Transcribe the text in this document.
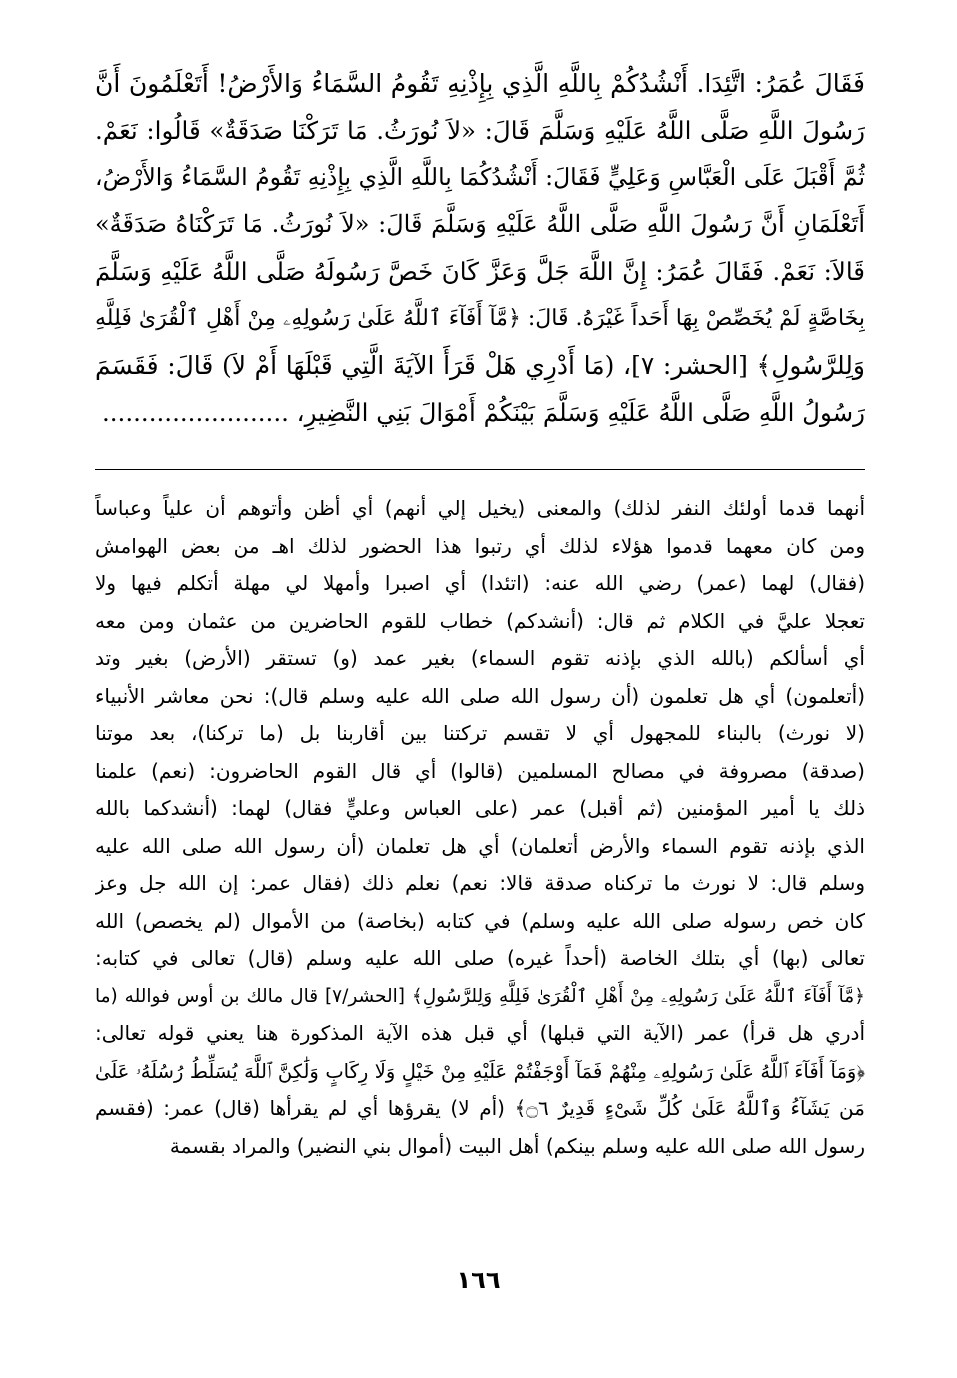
فَقَالَ عُمَرُ: اتَّئِدَا. أَنْشُدُكُمْ بِاللَّهِ الَّذِي بِإِذْنِهِ تَقُومُ السَّمَاءُ وَالأَرْضُ! أَتَعْلَمُونَ أَنَّ
رَسُولَ اللَّهِ صَلَّى اللَّهُ عَلَيْهِ وَسَلَّمَ قَالَ: «لاَ نُورَثُ. مَا تَرَكْنَا صَدَقَةٌ» قَالُوا: نَعَمْ.
ثُمَّ أَقْبَلَ عَلَى الْعَبَّاسِ وَعَلِيٍّ فَقَالَ: أَنْشُدُكُمَا بِاللَّهِ الَّذِي بِإِذْنِهِ تَقُومُ السَّمَاءُ وَالأَرْضُ،
أَتَعْلَمَانِ أَنَّ رَسُولَ اللَّهِ صَلَّى اللَّهُ عَلَيْهِ وَسَلَّمَ قَالَ: «لاَ نُورَثُ. مَا تَرَكْنَاهُ صَدَقَةٌ»
قَالاَ: نَعَمْ. فَقَالَ عُمَرُ: إِنَّ اللَّهَ جَلَّ وَعَزَّ كَانَ خَصَّ رَسُولَهُ صَلَّى اللَّهُ عَلَيْهِ وَسَلَّمَ
بِخَاصَّةٍ لَمْ يُخَصِّصْ بِهَا أَحَداً غَيْرَهُ. قَالَ: ﴿مَّآ أَفَآءَ ٱللَّهُ عَلَىٰ رَسُولِهِۦ مِنْ أَهْلِ ٱلْقُرَىٰ فَلِلَّهِ
وَلِلرَّسُولِ﴾ [الحشر: ٧]، (مَا أَدْرِي هَلْ قَرَأَ الآيَةَ الَّتِي قَبْلَهَا أَمْ لاَ) قَالَ: فَقَسَمَ
رَسُولُ اللَّهِ صَلَّى اللَّهُ عَلَيْهِ وَسَلَّمَ بَيْنَكُمْ أَمْوَالَ بَنِي النَّضِيرِ، ........................
أنهما قدما أولئك النفر لذلك) والمعنى (يخيل إلي أنهم) أي أظن وأتوهم أن علياً وعباساً
ومن كان معهما قدموا هؤلاء لذلك أي رتبوا هذا الحضور لذلك اهـ من بعض الهوامش
(فقال) لهما (عمر) رضي الله عنه: (اتئدا) أي اصبرا وأمهلا لي مهلة أتكلم فيها ولا
تعجلا عليَّ في الكلام ثم قال: (أنشدكم) خطاب للقوم الحاضرين من عثمان ومن معه
أي أسألكم (بالله الذي بإذنه تقوم السماء) بغير عمد (و) تستقر (الأرض) بغير وتد
(أتعلمون) أي هل تعلمون (أن رسول الله صلى الله عليه وسلم قال): نحن معاشر الأنبياء
(لا نورث) بالبناء للمجهول أي لا تقسم تركتنا بين أقاربنا بل (ما تركنا)، بعد موتنا
(صدقة) مصروفة في مصالح المسلمين (قالوا) أي قال القوم الحاضرون: (نعم) علمنا
ذلك يا أمير المؤمنين (ثم أقبل) عمر (على العباس وعليٍّ فقال) لهما: (أنشدكما بالله
الذي بإذنه تقوم السماء والأرض أتعلمان) أي هل تعلمان (أن رسول الله صلى الله عليه
وسلم قال: لا نورث ما تركناه صدقة قالا: نعم) نعلم ذلك (فقال عمر: إن الله جل وعز
كان خص رسوله صلى الله عليه وسلم) في كتابه (بخاصة) من الأموال (لم يخصص) الله
تعالى (بها) أي بتلك الخاصة (أحداً غيره) صلى الله عليه وسلم (قال) تعالى في كتابه:
﴿مَّآ أَفَآءَ ٱللَّهُ عَلَىٰ رَسُولِهِۦ مِنْ أَهْلِ ٱلْقُرَىٰ فَلِلَّهِ وَلِلرَّسُولِ﴾ [الحشر/٧] قال مالك بن أوس فوالله (ما
أدري هل قرأ) عمر (الآية التي قبلها) أي قبل هذه الآية المذكورة هنا يعني قوله تعالى:
﴿وَمَآ أَفَآءَ ٱللَّهُ عَلَىٰ رَسُولِهِۦ مِنْهُمْ فَمَآ أَوْجَفْتُمْ عَلَيْهِ مِنْ خَيْلٍ وَلَا رِكَابٍ وَلَٰكِنَّ ٱللَّهَ يُسَلِّطُ رُسُلَهُۥ عَلَىٰ
مَن يَشَآءُ وَٱللَّهُ عَلَىٰ كُلِّ شَىْءٍ قَدِيرٌ ۝٦﴾ (أم لا) يقرؤها أي لم يقرأها (قال) عمر: (فقسم
رسول الله صلى الله عليه وسلم بينكم) أهل البيت (أموال بني النضير) والمراد بقسمة
١٦٦
